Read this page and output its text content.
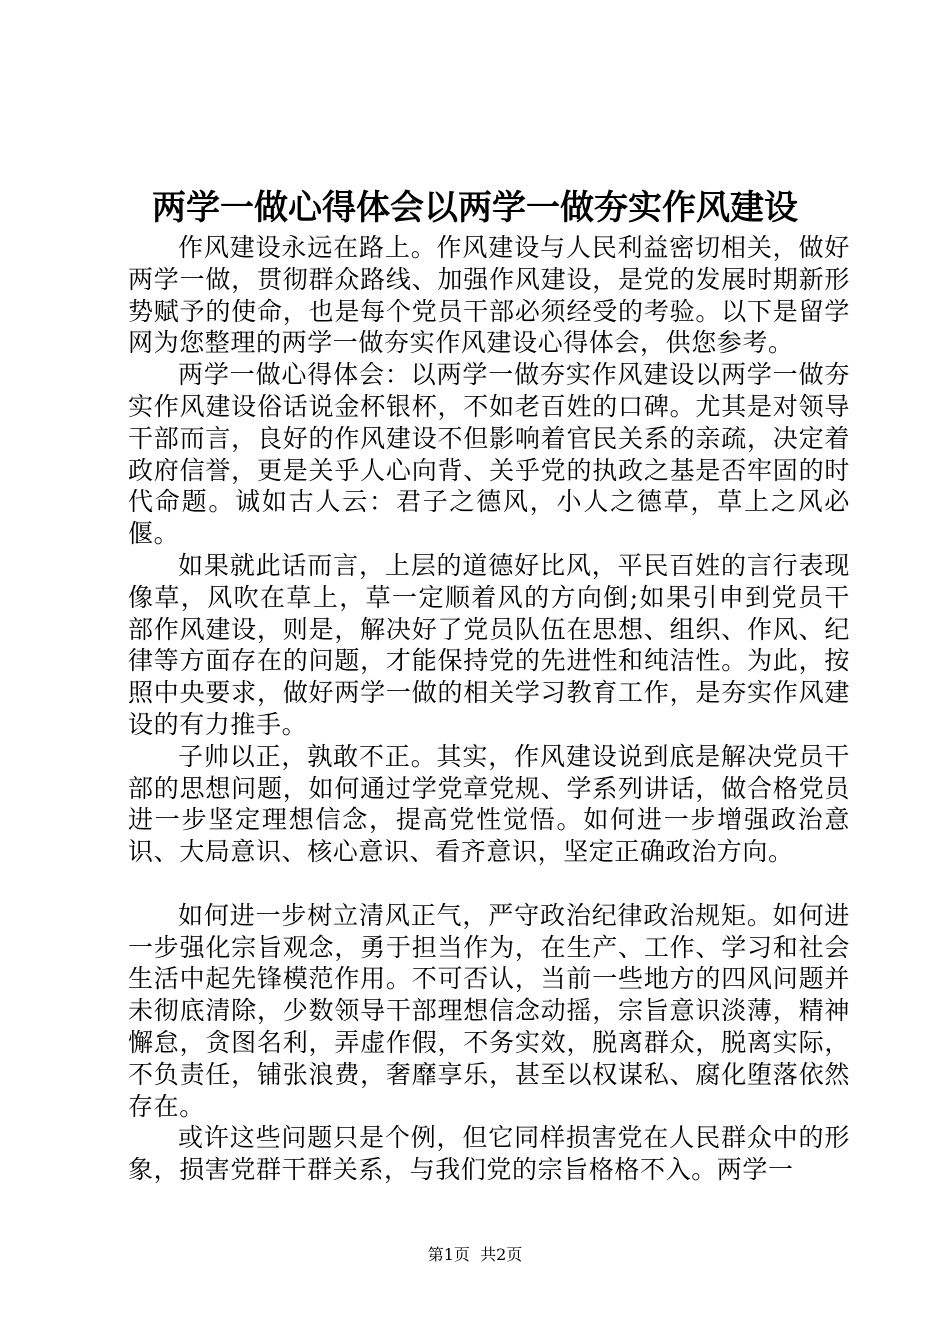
两学一做心得体会以两学一做夯实作风建设

作风建设永远在路上。作风建设与人民利益密切相关，做好两学一做，贯彻群众路线、加强作风建设，是党的发展时期新形势赋予的使命，也是每个党员干部必须经受的考验。以下是留学网为您整理的两学一做夯实作风建设心得体会，供您参考。

两学一做心得体会：以两学一做夯实作风建设以两学一做夯实作风建设俗话说金杯银杯，不如老百姓的口碑。尤其是对领导干部而言，良好的作风建设不但影响着官民关系的亲疏，决定着政府信誉，更是关乎人心向背、关乎党的执政之基是否牢固的时代命题。诚如古人云：君子之德风，小人之德草，草上之风必偃。

如果就此话而言，上层的道德好比风，平民百姓的言行表现像草，风吹在草上，草一定顺着风的方向倒;如果引申到党员干部作风建设，则是，解决好了党员队伍在思想、组织、作风、纪律等方面存在的问题，才能保持党的先进性和纯洁性。为此，按照中央要求，做好两学一做的相关学习教育工作，是夯实作风建设的有力推手。

子帅以正，孰敢不正。其实，作风建设说到底是解决党员干部的思想问题，如何通过学党章党规、学系列讲话，做合格党员进一步坚定理想信念，提高党性觉悟。如何进一步增强政治意识、大局意识、核心意识、看齐意识，坚定正确政治方向。

如何进一步树立清风正气，严守政治纪律政治规矩。如何进一步强化宗旨观念，勇于担当作为，在生产、工作、学习和社会生活中起先锋模范作用。不可否认，当前一些地方的四风问题并未彻底清除，少数领导干部理想信念动摇，宗旨意识淡薄，精神懈怠，贪图名利，弄虚作假，不务实效，脱离群众，脱离实际，不负责任，铺张浪费，奢靡享乐，甚至以权谋私、腐化堕落依然存在。

或许这些问题只是个例，但它同样损害党在人民群众中的形象，损害党群干群关系，与我们党的宗旨格格不入。两学一

第1页  共2页
